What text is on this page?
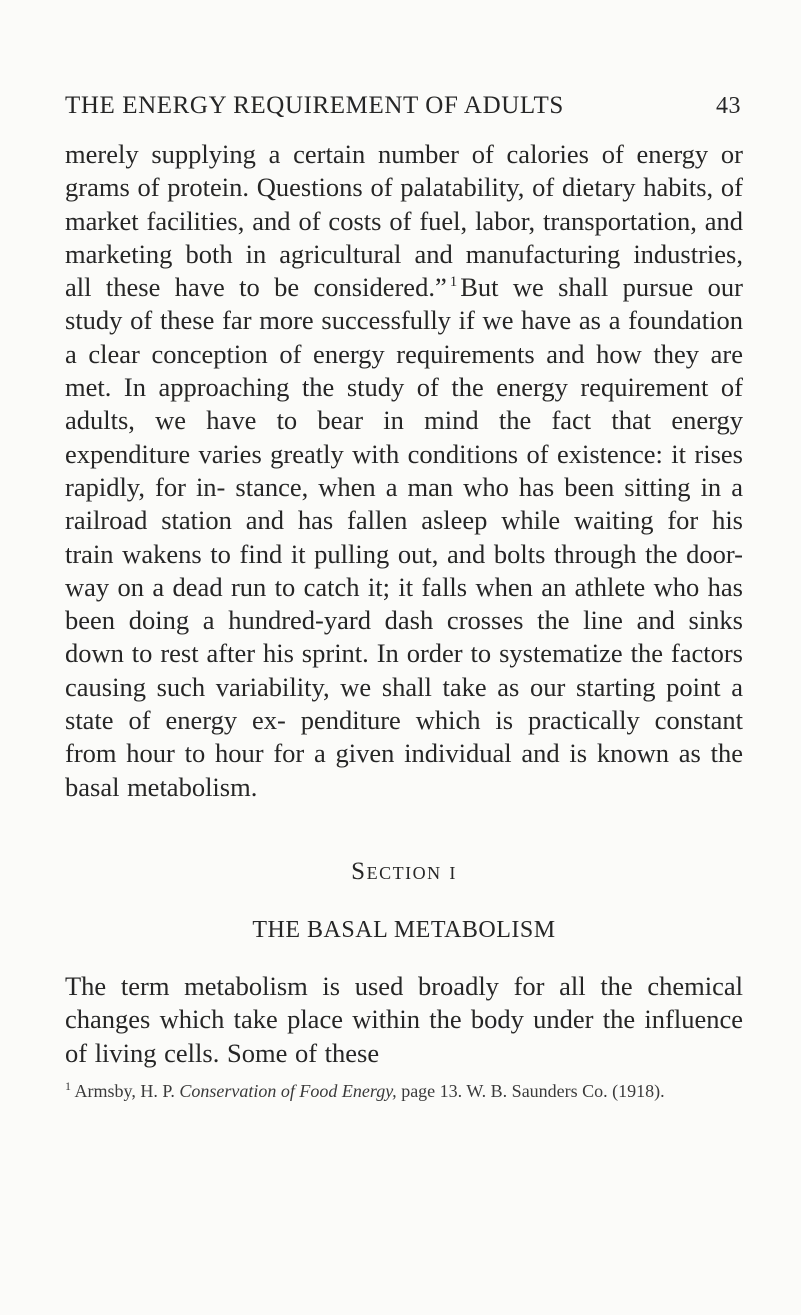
THE ENERGY REQUIREMENT OF ADULTS	43

merely supplying a certain number of calories of energy or grams of protein. Questions of palatability, of dietary habits, of market facilities, and of costs of fuel, labor, transportation, and marketing both in agricultural and manufacturing industries, all these have to be considered.” $^1$ But we shall pursue our study of these far more successfully if we have as a foundation a clear conception of energy requirements and how they are met. In approaching the study of the energy requirement of adults, we have to bear in mind the fact that energy expenditure varies greatly with conditions of existence: it rises rapidly, for in- stance, when a man who has been sitting in a railroad station and has fallen asleep while waiting for his train wakens to find it pulling out, and bolts through the door- way on a dead run to catch it; it falls when an athlete who has been doing a hundred-yard dash crosses the line and sinks down to rest after his sprint. In order to systematize the factors causing such variability, we shall take as our starting point a state of energy ex- penditure which is practically constant from hour to hour for a given individual and is known as the basal metabolism.

Section i
THE BASAL METABOLISM

The term metabolism is used broadly for all the chemical changes which take place within the body under the influence of living cells. Some of these

$^1$ Armsby, H. P. Conservation of Food Energy, page 13. W. B. Saunders Co. (1918).
